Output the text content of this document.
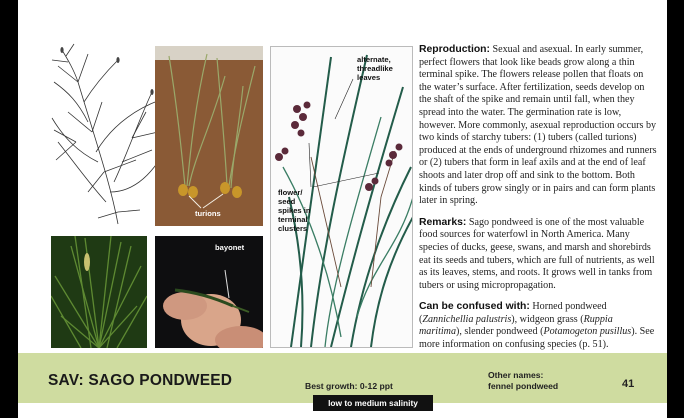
turions
bayonet
alternate,
threadlike
leaves
flower/
seed
spikes in
terminal
clusters

Reproduction: Sexual and asexual. In early summer, perfect flowers that look like beads grow along a thin terminal spike. The flowers release pollen that floats on the water’s surface. After fertilization, seeds develop on the shaft of the spike and remain until fall, when they spread into the water. The germination rate is low, however. More commonly, asexual reproduction occurs by two kinds of starchy tubers: (1) tubers (called turions) produced at the ends of underground rhizomes and runners or (2) tubers that form in leaf axils and at the end of leaf shoots and later drop off and sink to the bottom. Both kinds of tubers grow singly or in pairs and can form plants later in spring.

Remarks: Sago pondweed is one of the most valuable food sources for waterfowl in North America. Many species of ducks, geese, swans, and marsh and shorebirds eat its seeds and tubers, which are full of nutrients, as well as its leaves, stems, and roots. It grows well in tanks from tubers or using micropropagation.

Can be confused with: Horned pondweed (Zannichellia palustris), widgeon grass (Ruppia maritima), slender pondweed (Potamogeton pusillus). See more information on confusing species (p. 51).

SAV: SAGO PONDWEED	Best growth: 0-12 ppt
Other names:
fennel pondweed	41
low to medium salinity
